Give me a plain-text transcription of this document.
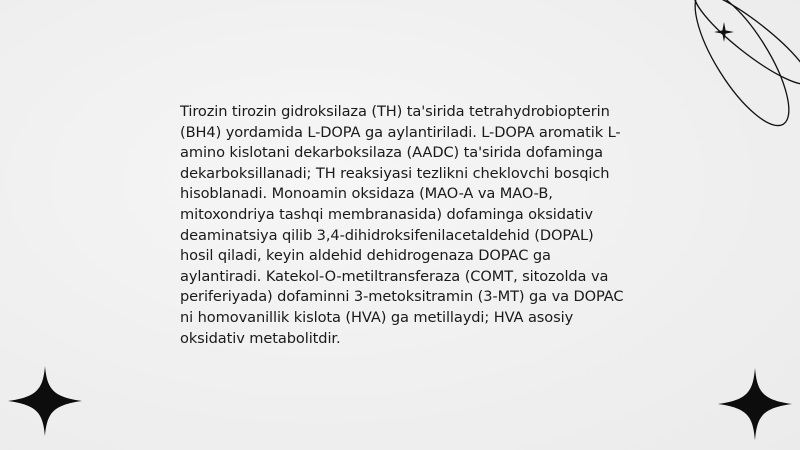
Tirozin tirozin gidroksilaza (TH) ta'sirida tetrahydrobiopterin (BH4) yordamida L-DOPA ga aylantiriladi. L-DOPA aromatik L-amino kislotani dekarboksilaza (AADC) ta'sirida dofaminga dekarboksillanadi; TH reaksiyasi tezlikni cheklovchi bosqich hisoblanadi. Monoamin oksidaza (MAO-A va MAO-B, mitoxondriya tashqi membranasida) dofaminga oksidativ deaminatsiya qilib 3,4-dihidroksifenilacetaldehid (DOPAL) hosil qiladi, keyin aldehid dehidrogenaza DOPAC ga aylantiradi. Katekol-O-metiltransferaza (COMT, sitozolda va periferiyada) dofaminni 3-metoksitramin (3-MT) ga va DOPAC ni homovanillik kislota (HVA) ga metillaydi; HVA asosiy oksidativ metabolitdir.
